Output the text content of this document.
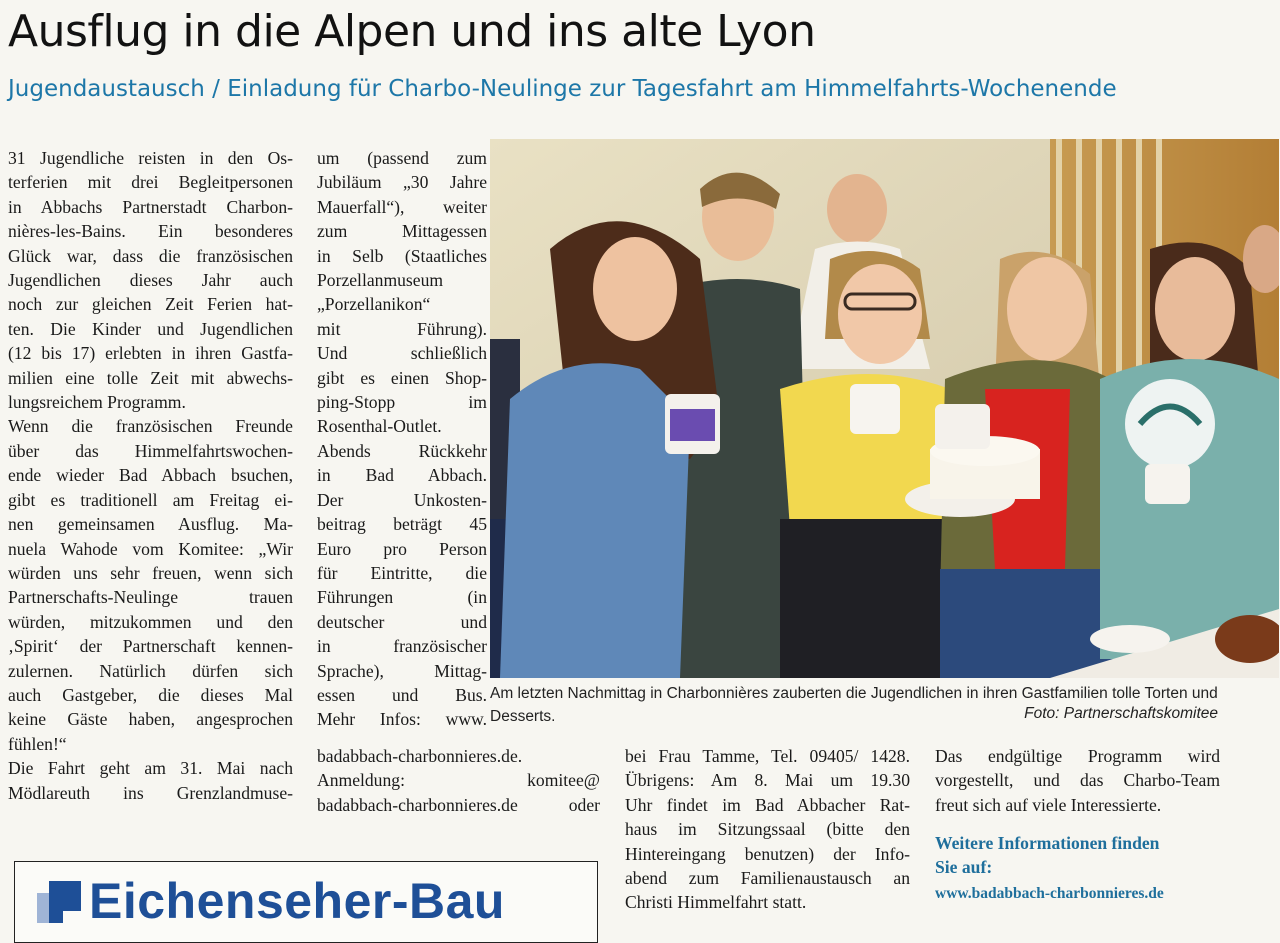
Ausflug in die Alpen und ins alte Lyon
Jugendaustausch / Einladung für Charbo-Neulinge zur Tagesfahrt am Himmelfahrts-Wochenende

31 Jugendliche reisten in den Os-

terferien mit drei Begleitpersonen

in Abbachs Partnerstadt Charbon-

nières-les-Bains. Ein besonderes

Glück war, dass die französischen

Jugendlichen dieses Jahr auch

noch zur gleichen Zeit Ferien hat-

ten. Die Kinder und Jugendlichen

(12 bis 17) erlebten in ihren Gastfa-

milien eine tolle Zeit mit abwechs-

lungsreichem Programm.

Wenn die französischen Freunde

über das Himmelfahrtswochen-

ende wieder Bad Abbach bsuchen,

gibt es traditionell am Freitag ei-

nen gemeinsamen Ausflug. Ma-

nuela Wahode vom Komitee: „Wir

würden uns sehr freuen, wenn sich

Partnerschafts-Neulinge trauen

würden, mitzukommen und den

‚Spirit‘ der Partnerschaft kennen-

zulernen. Natürlich dürfen sich

auch Gastgeber, die dieses Mal

keine Gäste haben, angesprochen

fühlen!“

Die Fahrt geht am 31. Mai nach

Mödlareuth ins Grenzlandmuse-

um (passend zum

Jubiläum „30 Jahre

Mauerfall“), weiter

zum Mittagessen

in Selb (Staatliches

Porzellanmuseum

„Porzellanikon“

mit Führung).

Und schließlich

gibt es einen Shop-

ping-Stopp im

Rosenthal-Outlet.

Abends Rückkehr

in Bad Abbach.

Der Unkosten-

beitrag beträgt 45

Euro pro Person

für Eintritte, die

Führungen (in

deutscher und

in französischer

Sprache), Mittag-

essen und Bus.

Mehr Infos: www.

badabbach-charbonnieres.de.

Anmeldung: komitee@

badabbach-charbonnieres.de oder

bei Frau Tamme, Tel. 09405/ 1428.

Übrigens: Am 8. Mai um 19.30

Uhr findet im Bad Abbacher Rat-

haus im Sitzungssaal (bitte den

Hintereingang benutzen) der Info-

abend zum Familienaustausch an

Christi Himmelfahrt statt.

Das endgültige Programm wird

vorgestellt, und das Charbo-Team

freut sich auf viele Interessierte.

Weitere Informationen finden
Sie auf:

www.badabbach-charbonnieres.de

Am letzten Nachmittag in Charbonnières zauberten die Jugendlichen in ihren Gastfamilien tolle Torten und Desserts.	Foto: Partnerschaftskomitee
Eichenseher-Bau
